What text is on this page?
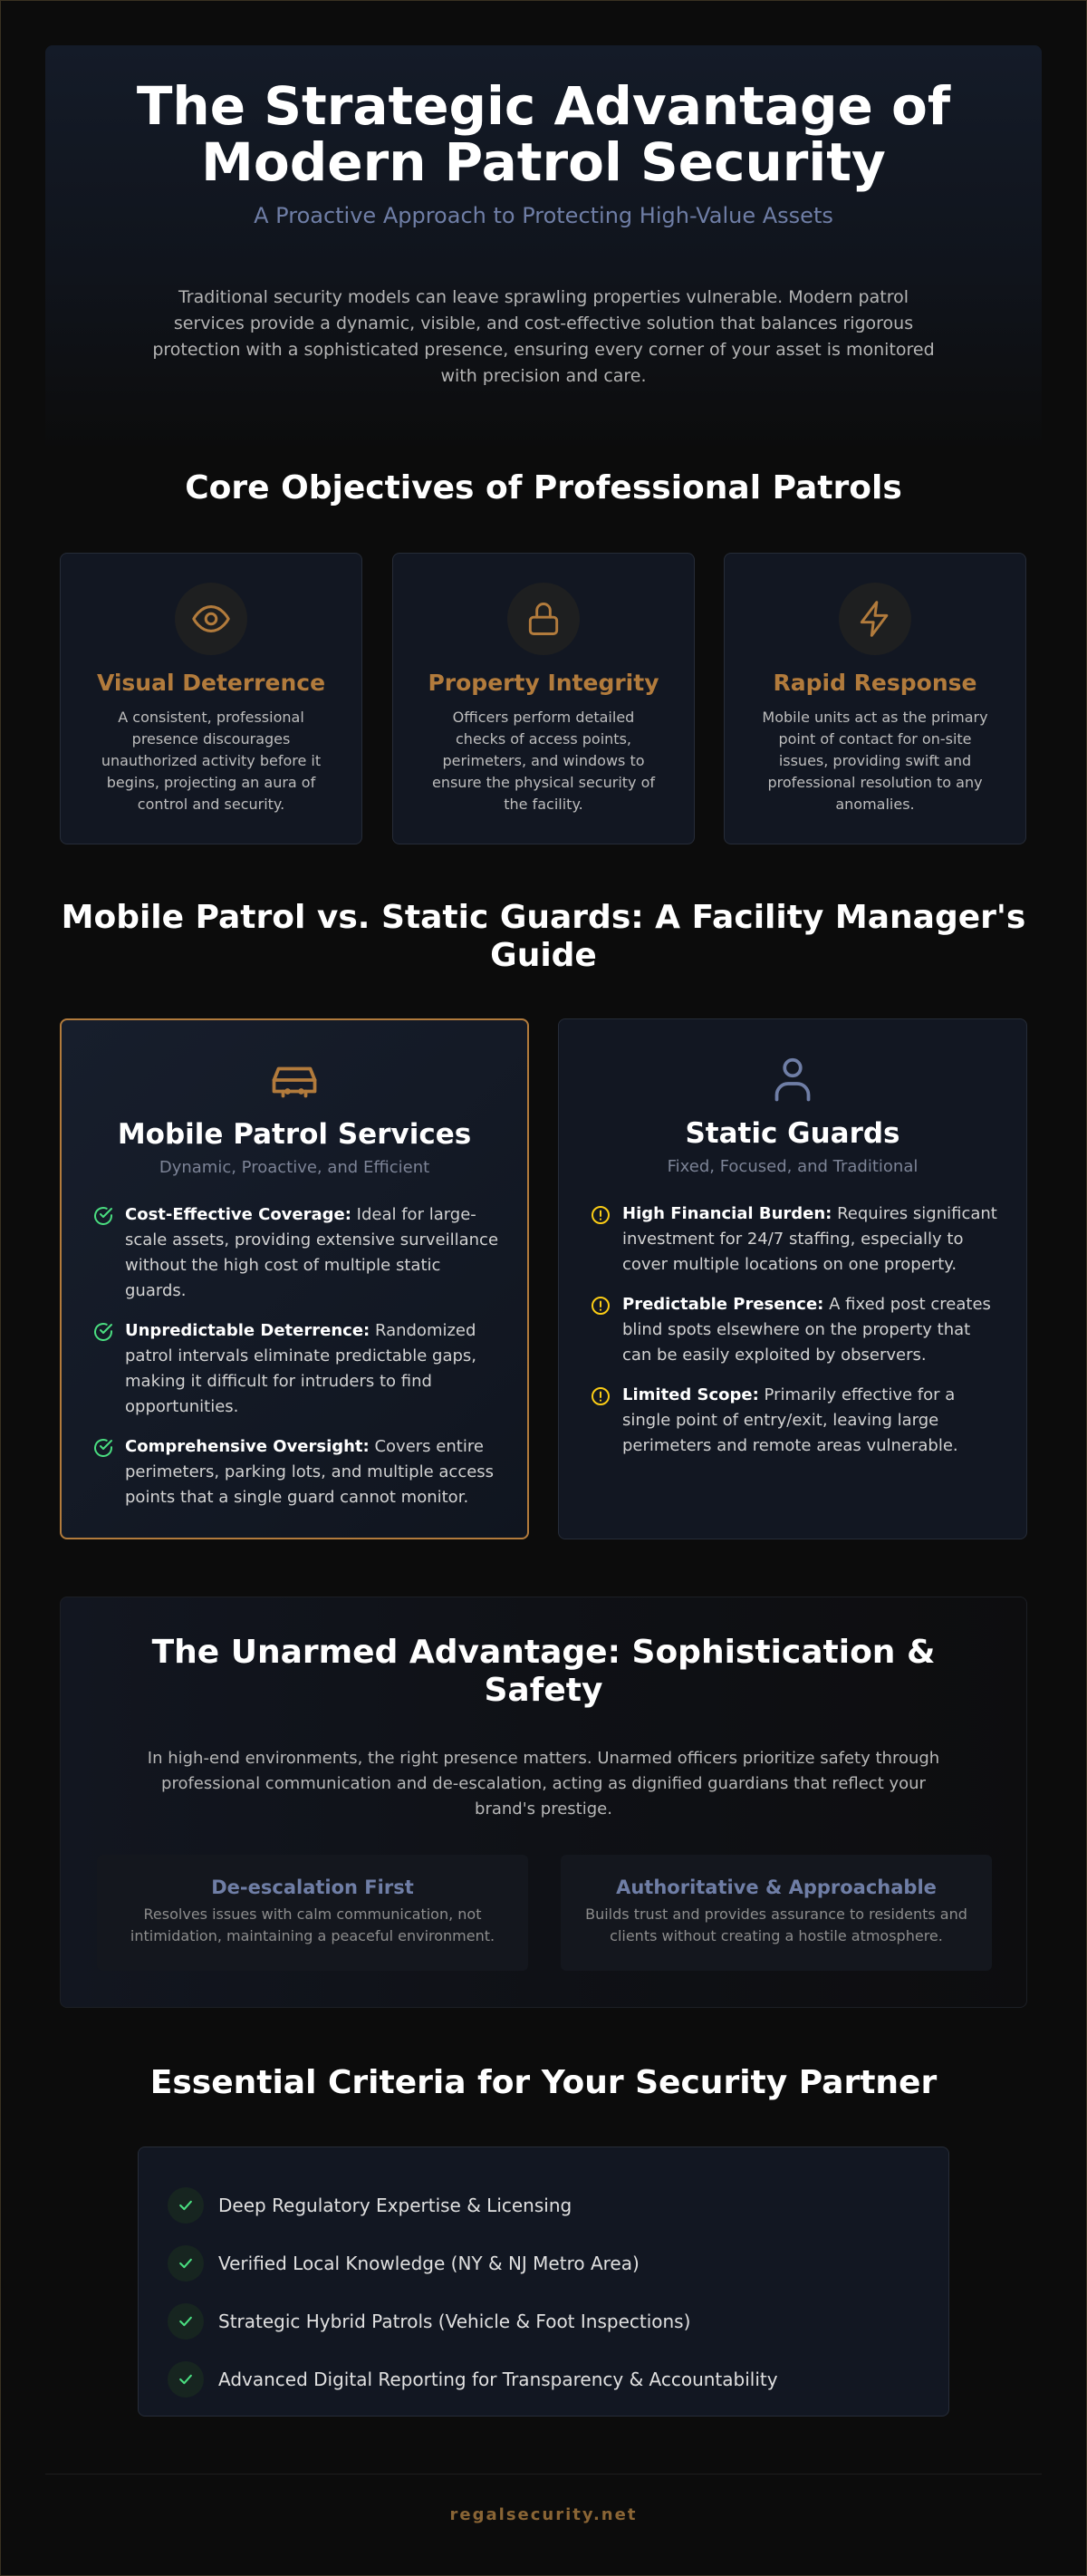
The Strategic Advantage of Modern Patrol Security
A Proactive Approach to Protecting High-Value Assets

Traditional security models can leave sprawling properties vulnerable. Modern patrol services provide a dynamic, visible, and cost-effective solution that balances rigorous protection with a sophisticated presence, ensuring every corner of your asset is monitored with precision and care.

Core Objectives of Professional Patrols
Visual Deterrence

A consistent, professional presence discourages unauthorized activity before it begins, projecting an aura of control and security.

Property Integrity

Officers perform detailed checks of access points, perimeters, and windows to ensure the physical security of the facility.

Rapid Response

Mobile units act as the primary point of contact for on-site issues, providing swift and professional resolution to any anomalies.

Mobile Patrol vs. Static Guards: A Facility Manager's Guide
Mobile Patrol Services
Dynamic, Proactive, and Efficient
Cost-Effective Coverage: Ideal for large-scale assets, providing extensive surveillance without the high cost of multiple static guards.
Unpredictable Deterrence: Randomized patrol intervals eliminate predictable gaps, making it difficult for intruders to find opportunities.
Comprehensive Oversight: Covers entire perimeters, parking lots, and multiple access points that a single guard cannot monitor.
Static Guards
Fixed, Focused, and Traditional
High Financial Burden: Requires significant investment for 24/7 staffing, especially to cover multiple locations on one property.
Predictable Presence: A fixed post creates blind spots elsewhere on the property that can be easily exploited by observers.
Limited Scope: Primarily effective for a single point of entry/exit, leaving large perimeters and remote areas vulnerable.
The Unarmed Advantage: Sophistication & Safety

In high-end environments, the right presence matters. Unarmed officers prioritize safety through professional communication and de-escalation, acting as dignified guardians that reflect your brand's prestige.

De-escalation First

Resolves issues with calm communication, not intimidation, maintaining a peaceful environment.

Authoritative & Approachable

Builds trust and provides assurance to residents and clients without creating a hostile atmosphere.

Essential Criteria for Your Security Partner
Deep Regulatory Expertise & Licensing
Verified Local Knowledge (NY & NJ Metro Area)
Strategic Hybrid Patrols (Vehicle & Foot Inspections)
Advanced Digital Reporting for Transparency & Accountability
regalsecurity.net
